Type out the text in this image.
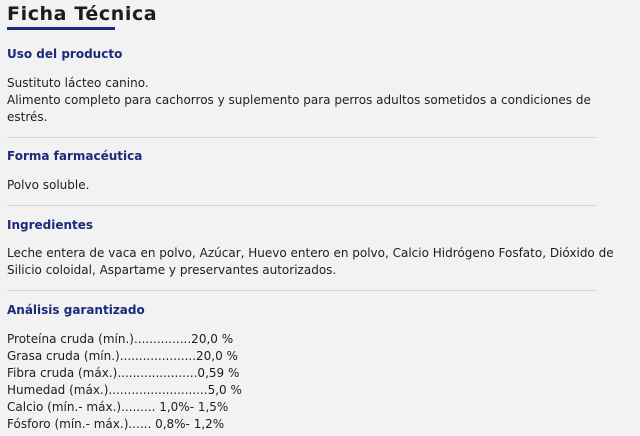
Ficha Técnica
Uso del producto
Sustituto lácteo canino.
Alimento completo para cachorros y suplemento para perros adultos sometidos a condiciones de
estrés.
Forma farmacéutica
Polvo soluble.
Ingredientes
Leche entera de vaca en polvo, Azúcar, Huevo entero en polvo, Calcio Hidrógeno Fosfato, Dióxido de
Silicio coloidal, Aspartame y preservantes autorizados.
Análisis garantizado
Proteína cruda (mín.)...............20,0 %
Grasa cruda (mín.)....................20,0 %
Fibra cruda (máx.).....................0,59 %
Humedad (máx.)..........................5,0 %
Calcio (mín.- máx.)......... 1,0%- 1,5%
Fósforo (mín.- máx.)...... 0,8%- 1,2%
